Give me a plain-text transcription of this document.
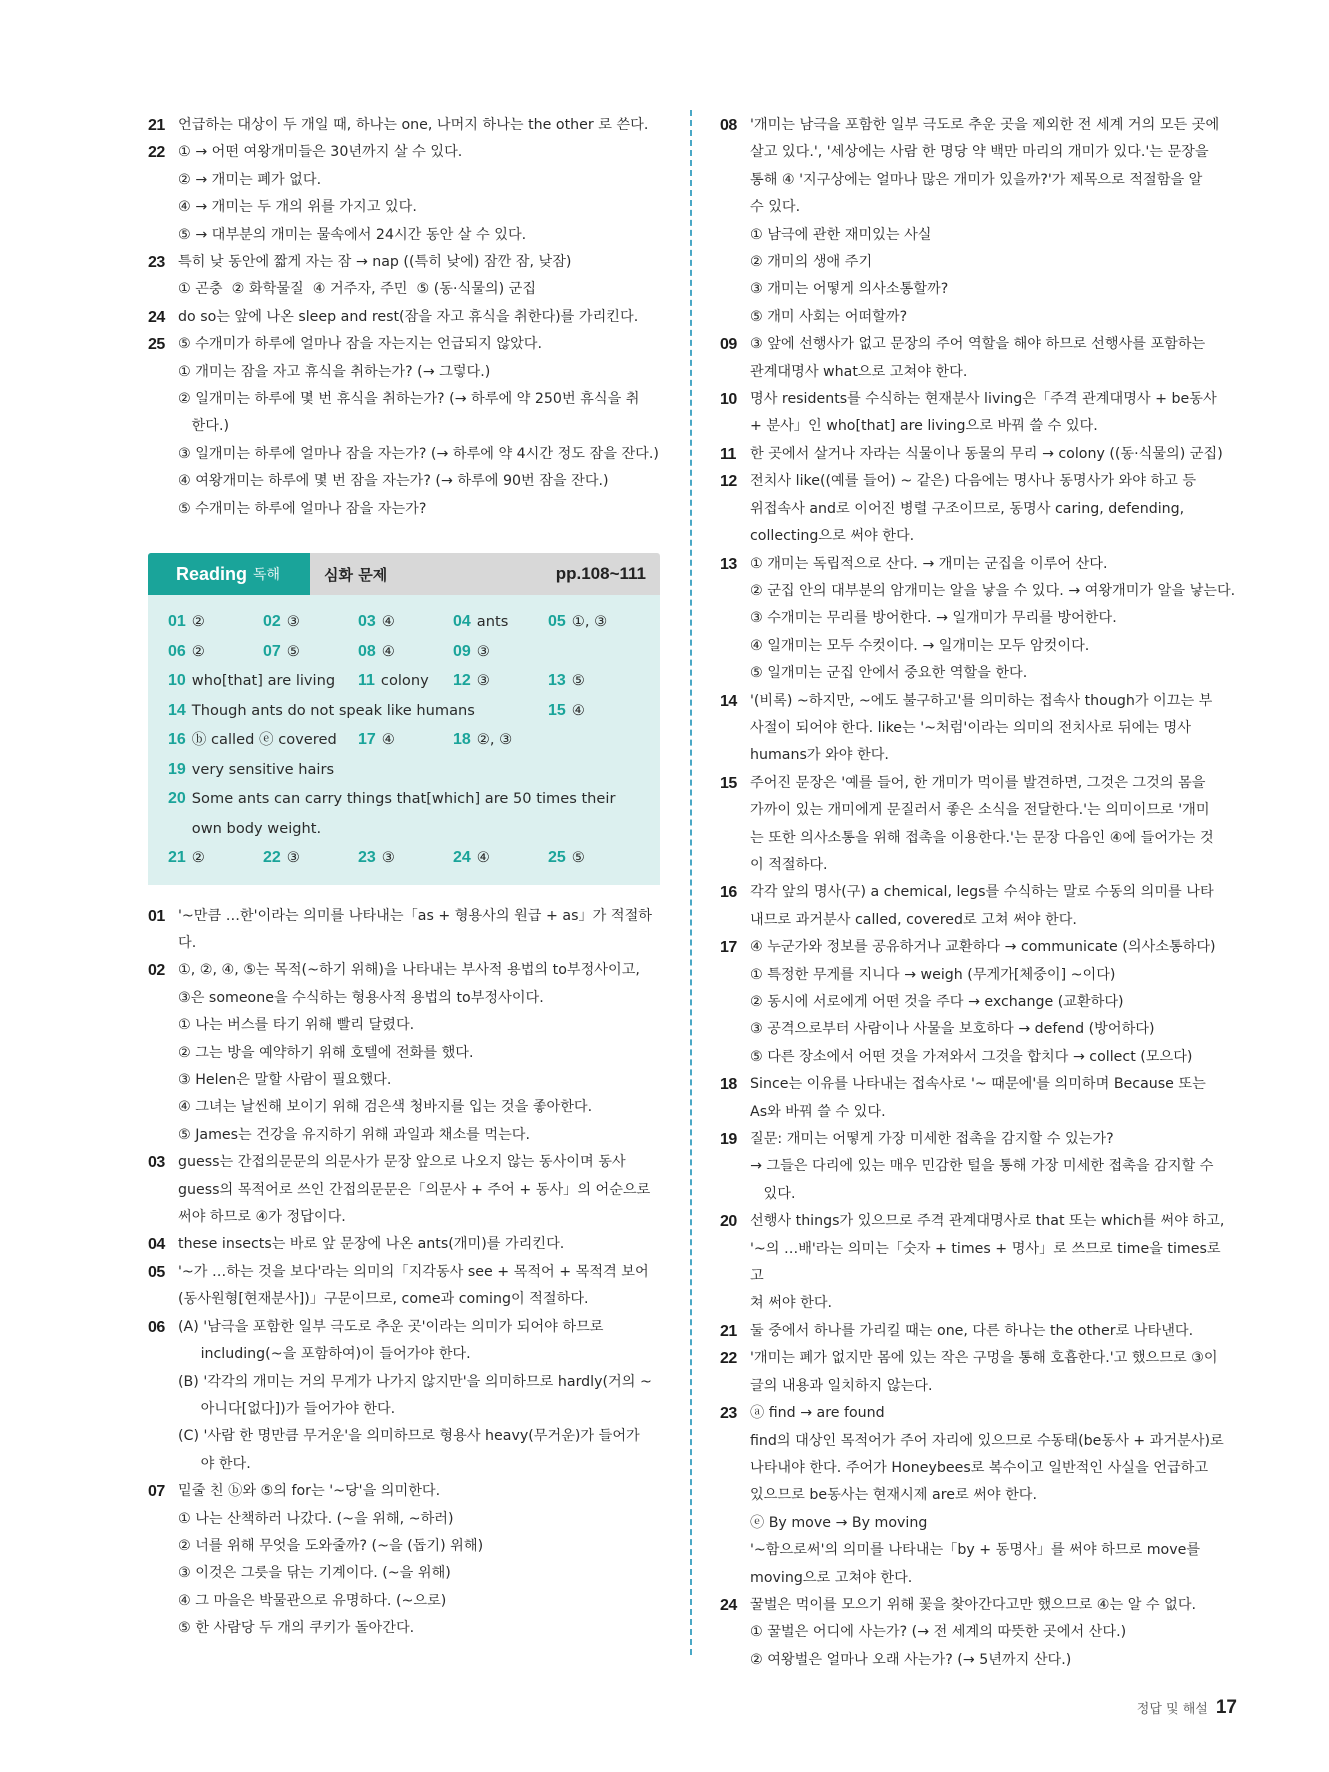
21 언급하는 대상이 두 개일 때, 하나는 one, 나머지 하나는 the other 로 쓴다.
22 ① → 어떤 여왕개미들은 30년까지 살 수 있다.
② → 개미는 폐가 없다.
④ → 개미는 두 개의 위를 가지고 있다.
⑤ → 대부분의 개미는 물속에서 24시간 동안 살 수 있다.
23 특히 낮 동안에 짧게 자는 잠 → nap ((특히 낮에) 잠깐 잠, 낮잠)
① 곤충  ② 화학물질  ④ 거주자, 주민  ⑤ (동·식물의) 군집
24 do so는 앞에 나온 sleep and rest(잠을 자고 휴식을 취한다)를 가리킨다.
25 ⑤ 수개미가 하루에 얼마나 잠을 자는지는 언급되지 않았다.
① 개미는 잠을 자고 휴식을 취하는가? (→ 그렇다.)
② 일개미는 하루에 몇 번 휴식을 취하는가? (→ 하루에 약 250번 휴식을 취
한다.)
③ 일개미는 하루에 얼마나 잠을 자는가? (→ 하루에 약 4시간 정도 잠을 잔다.)
④ 여왕개미는 하루에 몇 번 잠을 자는가? (→ 하루에 90번 잠을 잔다.)
⑤ 수개미는 하루에 얼마나 잠을 자는가?
Reading 독해	심화 문제	pp.108~111
01 ②	02 ③	03 ④	04 ants 05 ①, ③
06 ②	07 ⑤	08 ④	09 ③
10 who[that] are living 11 colony 12 ③	13 ⑤
14 Though ants do not speak like humans	15 ④
16 ⓑ called ⓔ covered 17 ④	18 ②, ③
19 very sensitive hairs
20 Some ants can carry things that[which] are 50 times their own body weight.
21 ②	22 ③	23 ③	24 ④	25 ⑤
01 '~만큼 …한'이라는 의미를 나타내는「as + 형용사의 원급 + as」가 적절하
다.
02 ①, ②, ④, ⑤는 목적(~하기 위해)을 나타내는 부사적 용법의 to부정사이고,
③은 someone을 수식하는 형용사적 용법의 to부정사이다.
① 나는 버스를 타기 위해 빨리 달렸다.
② 그는 방을 예약하기 위해 호텔에 전화를 했다.
③ Helen은 말할 사람이 필요했다.
④ 그녀는 날씬해 보이기 위해 검은색 청바지를 입는 것을 좋아한다.
⑤ James는 건강을 유지하기 위해 과일과 채소를 먹는다.
03 guess는 간접의문문의 의문사가 문장 앞으로 나오지 않는 동사이며 동사
guess의 목적어로 쓰인 간접의문문은「의문사 + 주어 + 동사」의 어순으로
써야 하므로 ④가 정답이다.
04 these insects는 바로 앞 문장에 나온 ants(개미)를 가리킨다.
05 '~가 …하는 것을 보다'라는 의미의「지각동사 see + 목적어 + 목적격 보어
(동사원형[현재분사])」구문이므로, come과 coming이 적절하다.
06 (A) '남극을 포함한 일부 극도로 추운 곳'이라는 의미가 되어야 하므로
including(~을 포함하여)이 들어가야 한다.
(B) '각각의 개미는 거의 무게가 나가지 않지만'을 의미하므로 hardly(거의 ~
아니다[없다])가 들어가야 한다.
(C) '사람 한 명만큼 무거운'을 의미하므로 형용사 heavy(무거운)가 들어가
야 한다.
07 밑줄 친 ⓑ와 ⑤의 for는 '~당'을 의미한다.
① 나는 산책하러 나갔다. (~을 위해, ~하러)
② 너를 위해 무엇을 도와줄까? (~을 (돕기) 위해)
③ 이것은 그릇을 닦는 기계이다. (~을 위해)
④ 그 마을은 박물관으로 유명하다. (~으로)
⑤ 한 사람당 두 개의 쿠키가 돌아간다.
08 '개미는 남극을 포함한 일부 극도로 추운 곳을 제외한 전 세계 거의 모든 곳에
살고 있다.', '세상에는 사람 한 명당 약 백만 마리의 개미가 있다.'는 문장을
통해 ④ '지구상에는 얼마나 많은 개미가 있을까?'가 제목으로 적절함을 알
수 있다.
① 남극에 관한 재미있는 사실
② 개미의 생애 주기
③ 개미는 어떻게 의사소통할까?
⑤ 개미 사회는 어떠할까?
09 ③ 앞에 선행사가 없고 문장의 주어 역할을 해야 하므로 선행사를 포함하는
관계대명사 what으로 고쳐야 한다.
10 명사 residents를 수식하는 현재분사 living은「주격 관계대명사 + be동사
+ 분사」인 who[that] are living으로 바꿔 쓸 수 있다.
11 한 곳에서 살거나 자라는 식물이나 동물의 무리 → colony ((동·식물의) 군집)
12 전치사 like((예를 들어) ~ 같은) 다음에는 명사나 동명사가 와야 하고 등
위접속사 and로 이어진 병렬 구조이므로, 동명사 caring, defending,
collecting으로 써야 한다.
13 ① 개미는 독립적으로 산다. → 개미는 군집을 이루어 산다.
② 군집 안의 대부분의 암개미는 알을 낳을 수 있다. → 여왕개미가 알을 낳는다.
③ 수개미는 무리를 방어한다. → 일개미가 무리를 방어한다.
④ 일개미는 모두 수컷이다. → 일개미는 모두 암컷이다.
⑤ 일개미는 군집 안에서 중요한 역할을 한다.
14 '(비록) ~하지만, ~에도 불구하고'를 의미하는 접속사 though가 이끄는 부
사절이 되어야 한다. like는 '~처럼'이라는 의미의 전치사로 뒤에는 명사
humans가 와야 한다.
15 주어진 문장은 '예를 들어, 한 개미가 먹이를 발견하면, 그것은 그것의 몸을
가까이 있는 개미에게 문질러서 좋은 소식을 전달한다.'는 의미이므로 '개미
는 또한 의사소통을 위해 접촉을 이용한다.'는 문장 다음인 ④에 들어가는 것
이 적절하다.
16 각각 앞의 명사(구) a chemical, legs를 수식하는 말로 수동의 의미를 나타
내므로 과거분사 called, covered로 고쳐 써야 한다.
17 ④ 누군가와 정보를 공유하거나 교환하다 → communicate (의사소통하다)
① 특정한 무게를 지니다 → weigh (무게가[체중이] ~이다)
② 동시에 서로에게 어떤 것을 주다 → exchange (교환하다)
③ 공격으로부터 사람이나 사물을 보호하다 → defend (방어하다)
⑤ 다른 장소에서 어떤 것을 가져와서 그것을 합치다 → collect (모으다)
18 Since는 이유를 나타내는 접속사로 '~ 때문에'를 의미하며 Because 또는
As와 바꿔 쓸 수 있다.
19 질문: 개미는 어떻게 가장 미세한 접촉을 감지할 수 있는가?
→ 그들은 다리에 있는 매우 민감한 털을 통해 가장 미세한 접촉을 감지할 수
있다.
20 선행사 things가 있으므로 주격 관계대명사로 that 또는 which를 써야 하고,
'~의 …배'라는 의미는「숫자 + times + 명사」로 쓰므로 time을 times로 고
쳐 써야 한다.
21 둘 중에서 하나를 가리킬 때는 one, 다른 하나는 the other로 나타낸다.
22 '개미는 폐가 없지만 몸에 있는 작은 구멍을 통해 호흡한다.'고 했으므로 ③이
글의 내용과 일치하지 않는다.
23 ⓐ find → are found
find의 대상인 목적어가 주어 자리에 있으므로 수동태(be동사 + 과거분사)로
나타내야 한다. 주어가 Honeybees로 복수이고 일반적인 사실을 언급하고
있으므로 be동사는 현재시제 are로 써야 한다.
ⓔ By move → By moving
'~함으로써'의 의미를 나타내는「by + 동명사」를 써야 하므로 move를
moving으로 고쳐야 한다.
24 꿀벌은 먹이를 모으기 위해 꽃을 찾아간다고만 했으므로 ④는 알 수 없다.
① 꿀벌은 어디에 사는가? (→ 전 세계의 따뜻한 곳에서 산다.)
② 여왕벌은 얼마나 오래 사는가? (→ 5년까지 산다.)
정답 및 해설 17
